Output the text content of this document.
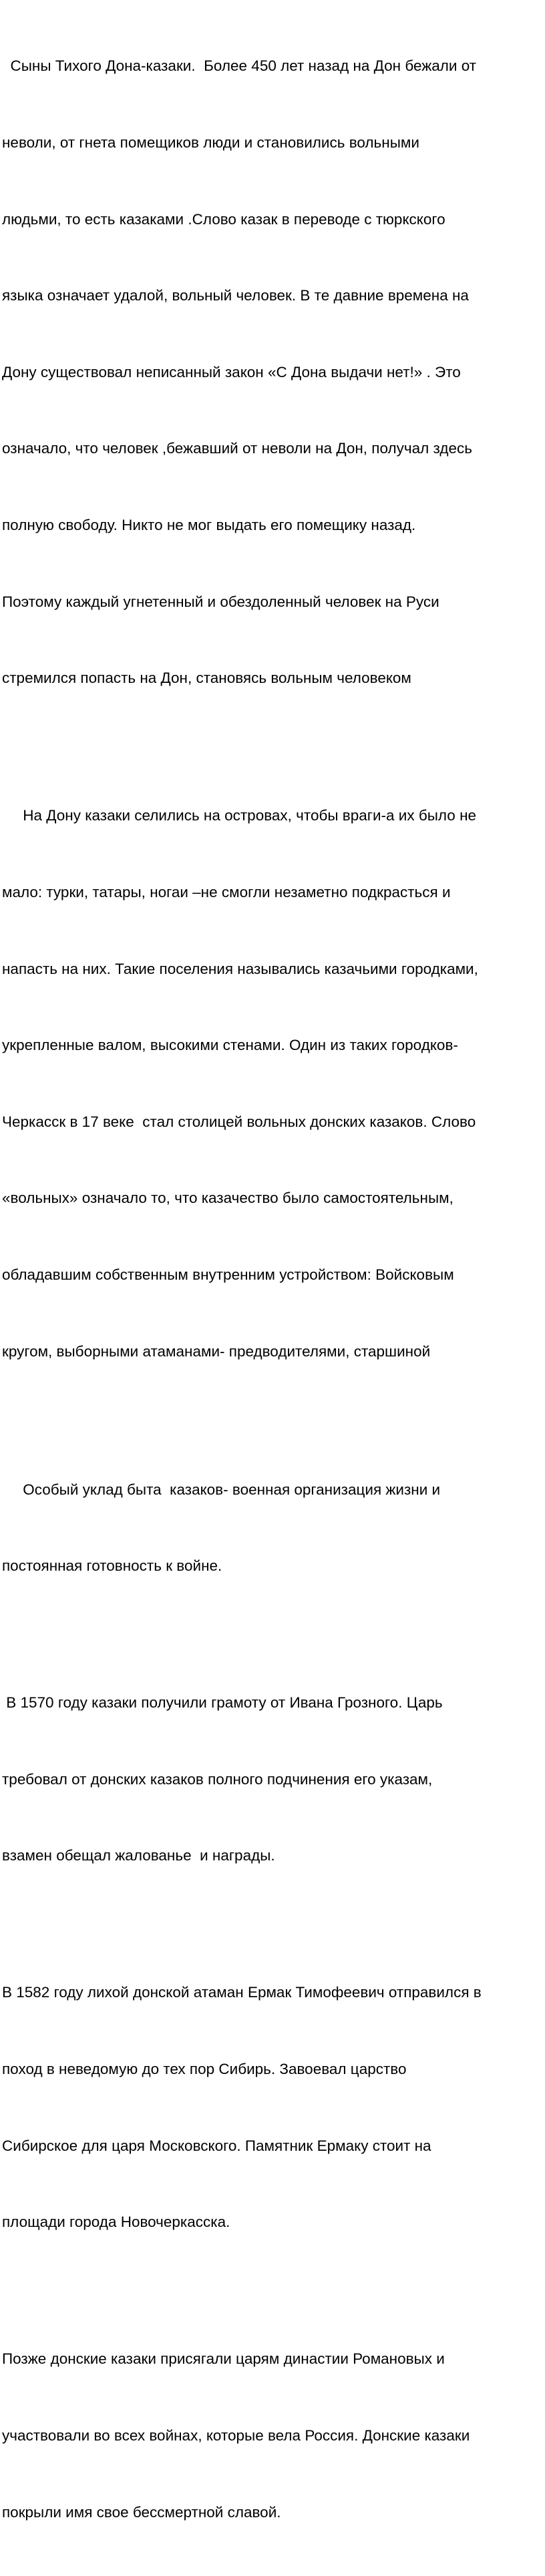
Сыны Тихого Дона-казаки.  Более 450 лет назад на Дон бежали от

неволи, от гнета помещиков люди и становились вольными

людьми, то есть казаками .Слово казак в переводе с тюркского

языка означает удалой, вольный человек. В те давние времена на

Дону существовал неписанный закон «С Дона выдачи нет!» . Это

означало, что человек ,бежавший от неволи на Дон, получал здесь

полную свободу. Никто не мог выдать его помещику назад.

Поэтому каждый угнетенный и обездоленный человек на Руси

стремился попасть на Дон, становясь вольным человеком

На Дону казаки селились на островах, чтобы враги-а их было не

мало: турки, татары, ногаи –не смогли незаметно подкрасться и

напасть на них. Такие поселения назывались казачьими городками,

укрепленные валом, высокими стенами. Один из таких городков-

Черкасск в 17 веке  стал столицей вольных донских казаков. Слово

«вольных» означало то, что казачество было самостоятельным,

обладавшим собственным внутренним устройством: Войсковым

кругом, выборными атаманами- предводителями, старшиной

Особый уклад быта  казаков- военная организация жизни и

постоянная готовность к войне.

В 1570 году казаки получили грамоту от Ивана Грозного. Царь

требовал от донских казаков полного подчинения его указам,

взамен обещал жалованье  и награды.

В 1582 году лихой донской атаман Ермак Тимофеевич отправился в

поход в неведомую до тех пор Сибирь. Завоевал царство

Сибирское для царя Московского. Памятник Ермаку стоит на

площади города Новочеркасска.

Позже донские казаки присягали царям династии Романовых и

участвовали во всех войнах, которые вела Россия. Донские казаки

покрыли имя свое бессмертной славой.
